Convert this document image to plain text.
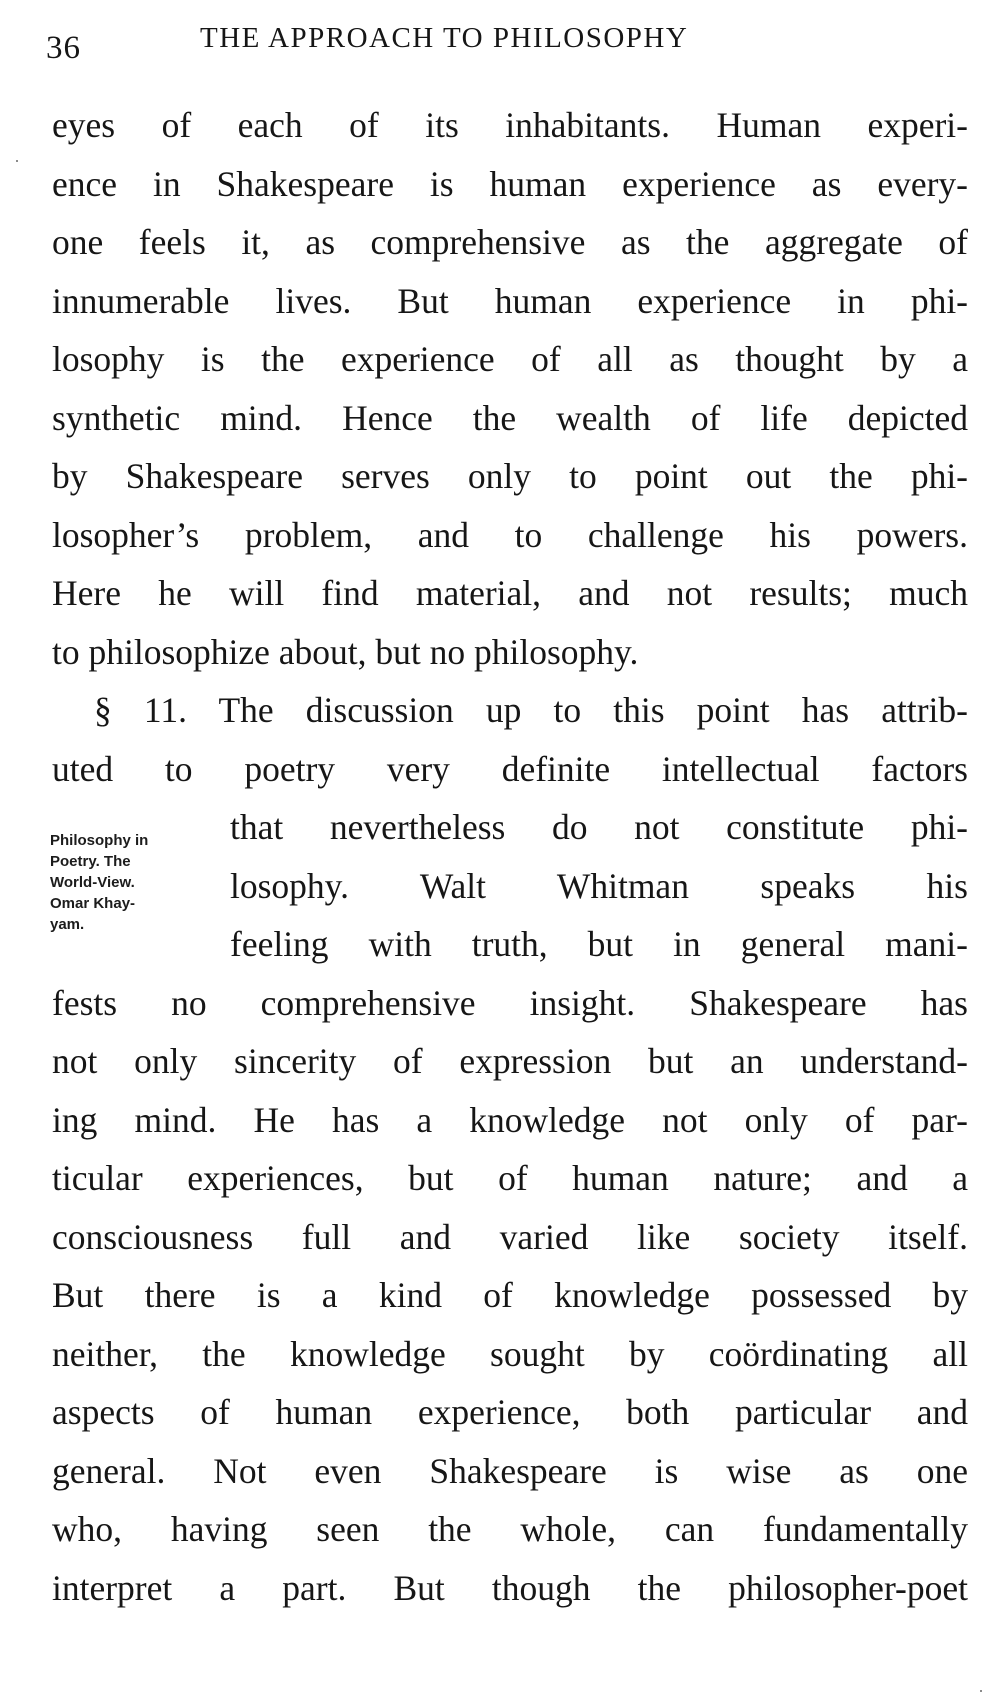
36	THE APPROACH TO PHILOSOPHY
Philosophy in
Poetry. The
World-View.
Omar Khay-
yam.
eyes of each of its inhabitants. Human experi-
ence in Shakespeare is human experience as every-
one feels it, as comprehensive as the aggregate of
innumerable lives. But human experience in phi-
losophy is the experience of all as thought by a
synthetic mind. Hence the wealth of life depicted
by Shakespeare serves only to point out the phi-
losopher’s problem, and to challenge his powers.
Here he will find material, and not results; much
to philosophize about, but no philosophy.
§ 11. The discussion up to this point has attrib-
uted to poetry very definite intellectual factors
that nevertheless do not constitute phi-
losophy. Walt Whitman speaks his
feeling with truth, but in general mani-
fests no comprehensive insight. Shakespeare has
not only sincerity of expression but an understand-
ing mind. He has a knowledge not only of par-
ticular experiences, but of human nature; and a
consciousness full and varied like society itself.
But there is a kind of knowledge possessed by
neither, the knowledge sought by coördinating all
aspects of human experience, both particular and
general. Not even Shakespeare is wise as one
who, having seen the whole, can fundamentally
interpret a part. But though the philosopher-poet
